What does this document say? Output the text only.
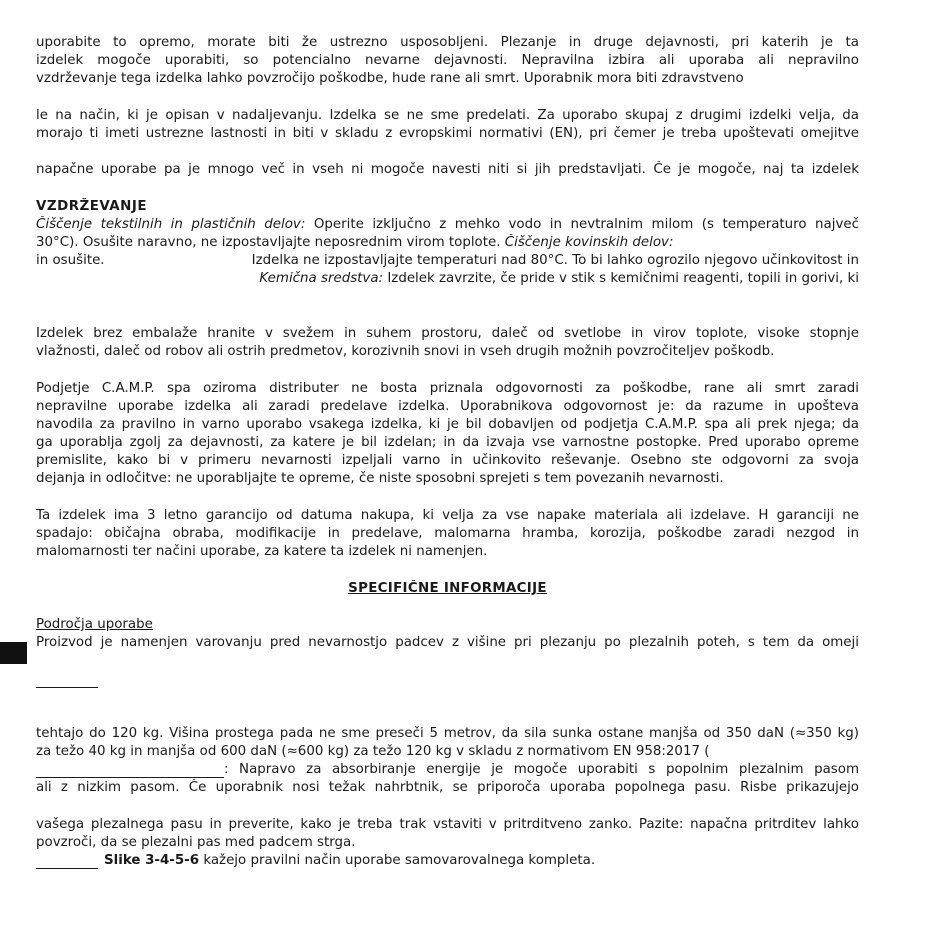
uporabite to opremo, morate biti že ustrezno usposobljeni. Plezanje in druge dejavnosti, pri katerih je ta
izdelek mogoče uporabiti, so potencialno nevarne dejavnosti. Nepravilna izbira ali uporaba ali nepravilno
vzdrževanje tega izdelka lahko povzročijo poškodbe, hude rane ali smrt. Uporabnik mora biti zdravstveno
le na način, ki je opisan v nadaljevanju. Izdelka se ne sme predelati. Za uporabo skupaj z drugimi izdelki velja, da
morajo ti imeti ustrezne lastnosti in biti v skladu z evropskimi normativi (EN), pri čemer je treba upoštevati omejitve
napačne uporabe pa je mnogo več in vseh ni mogoče navesti niti si jih predstavljati. Če je mogoče, naj ta izdelek
VZDRŽEVANJE
Čiščenje tekstilnih in plastičnih delov: Operite izključno z mehko vodo in nevtralnim milom (s temperaturo največ
30°C). Osušite naravno, ne izpostavljajte neposrednim virom toplote. Čiščenje kovinskih delov:
in osušite.	Izdelka ne izpostavljajte temperaturi nad 80°C. To bi lahko ogrozilo njegovo učinkovitost in
Kemična sredstva: Izdelek zavrzite, če pride v stik s kemičnimi reagenti, topili in gorivi, ki
Izdelek brez embalaže hranite v svežem in suhem prostoru, daleč od svetlobe in virov toplote, visoke stopnje
vlažnosti, daleč od robov ali ostrih predmetov, korozivnih snovi in vseh drugih možnih povzročiteljev poškodb.
Podjetje C.A.M.P. spa oziroma distributer ne bosta priznala odgovornosti za poškodbe, rane ali smrt zaradi
nepravilne uporabe izdelka ali zaradi predelave izdelka. Uporabnikova odgovornost je: da razume in upošteva
navodila za pravilno in varno uporabo vsakega izdelka, ki je bil dobavljen od podjetja C.A.M.P. spa ali prek njega; da
ga uporablja zgolj za dejavnosti, za katere je bil izdelan; in da izvaja vse varnostne postopke. Pred uporabo opreme
premislite, kako bi v primeru nevarnosti izpeljali varno in učinkovito reševanje. Osebno ste odgovorni za svoja
dejanja in odločitve: ne uporabljajte te opreme, če niste sposobni sprejeti s tem povezanih nevarnosti.
Ta izdelek ima 3 letno garancijo od datuma nakupa, ki velja za vse napake materiala ali izdelave. H garanciji ne
spadajo: običajna obraba, modifikacije in predelave, malomarna hramba, korozija, poškodbe zaradi nezgod in
malomarnosti ter načini uporabe, za katere ta izdelek ni namenjen.
SPECIFIČNE INFORMACIJE
Področja uporabe
Proizvod je namenjen varovanju pred nevarnostjo padcev z višine pri plezanju po plezalnih poteh, s tem da omeji
tehtajo do 120 kg. Višina prostega pada ne sme preseči 5 metrov, da sila sunka ostane manjša od 350 daN (≈350 kg)
za težo 40 kg in manjša od 600 daN (≈600 kg) za težo 120 kg v skladu z normativom EN 958:2017 (
: Napravo za absorbiranje energije je mogoče uporabiti s popolnim plezalnim pasom
ali z nizkim pasom. Če uporabnik nosi težak nahrbtnik, se priporoča uporaba popolnega pasu. Risbe prikazujejo
vašega plezalnega pasu in preverite, kako je treba trak vstaviti v pritrditveno zanko. Pazite: napačna pritrditev lahko
povzroči, da se plezalni pas med padcem strga.
Slike 3-4-5-6 kažejo pravilni način uporabe samovarovalnega kompleta.
